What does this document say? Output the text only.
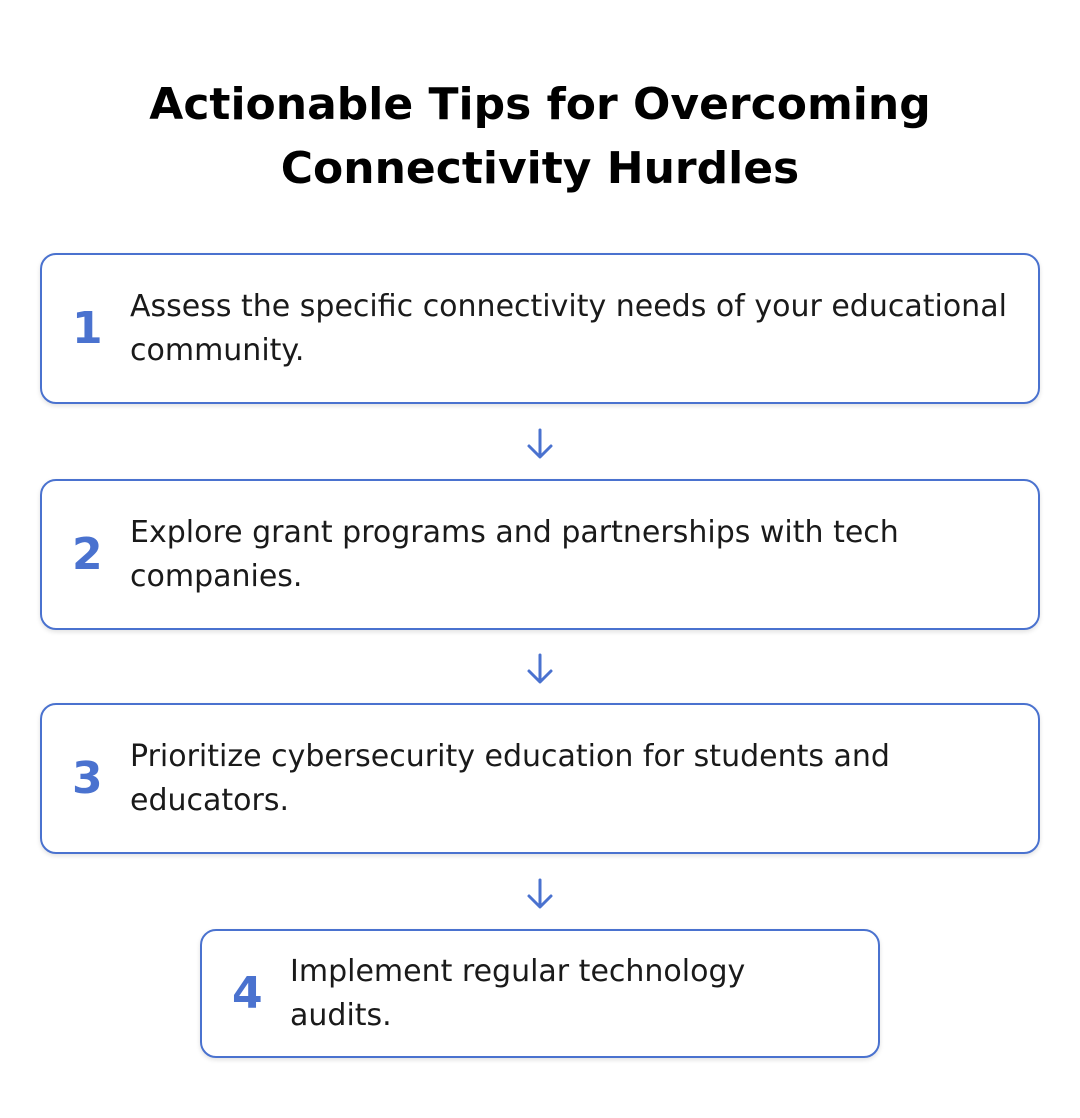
Actionable Tips for Overcoming
Connectivity Hurdles
1 Assess the specific connectivity needs of your educational community.
2 Explore grant programs and partnerships with tech companies.
3 Prioritize cybersecurity education for students and educators.
4 Implement regular technology audits.
